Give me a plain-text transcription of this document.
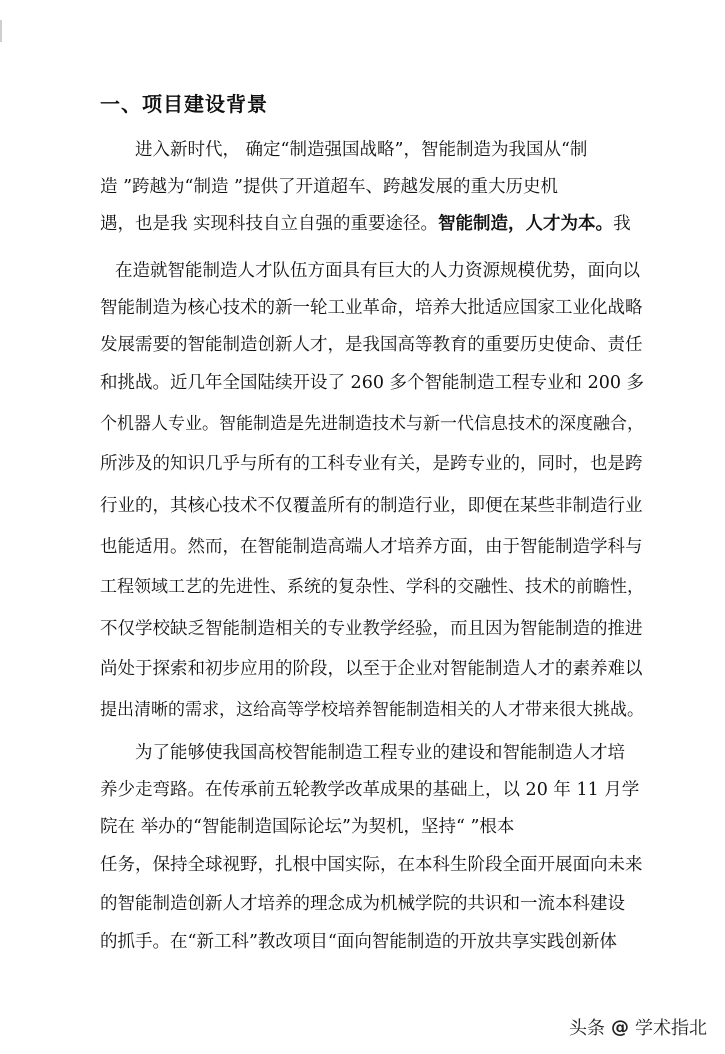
一、项目建设背景
进入新时代， 确定“制造强国战略”，智能制造为我国从“制
造 ”跨越为“制造 ”提供了开道超车、跨越发展的重大历史机
遇，也是我 实现科技自立自强的重要途径。智能制造，人才为本。我
在造就智能制造人才队伍方面具有巨大的人力资源规模优势，面向以
智能制造为核心技术的新一轮工业革命，培养大批适应国家工业化战略
发展需要的智能制造创新人才，是我国高等教育的重要历史使命、责任
和挑战。近几年全国陆续开设了 260 多个智能制造工程专业和 200 多
个机器人专业。智能制造是先进制造技术与新一代信息技术的深度融合，
所涉及的知识几乎与所有的工科专业有关，是跨专业的，同时，也是跨
行业的，其核心技术不仅覆盖所有的制造行业，即便在某些非制造行业
也能适用。然而，在智能制造高端人才培养方面，由于智能制造学科与
工程领域工艺的先进性、系统的复杂性、学科的交融性、技术的前瞻性，
不仅学校缺乏智能制造相关的专业教学经验，而且因为智能制造的推进
尚处于探索和初步应用的阶段，以至于企业对智能制造人才的素养难以
提出清晰的需求，这给高等学校培养智能制造相关的人才带来很大挑战。
为了能够使我国高校智能制造工程专业的建设和智能制造人才培
养少走弯路。在传承前五轮教学改革成果的基础上，以 20 年 11 月学
院在 举办的“智能制造国际论坛”为契机，坚持“ ”根本
任务，保持全球视野，扎根中国实际，在本科生阶段全面开展面向未来
的智能制造创新人才培养的理念成为机械学院的共识和一流本科建设
的抓手。在“新工科”教改项目“面向智能制造的开放共享实践创新体
头条 @ 学术指北
